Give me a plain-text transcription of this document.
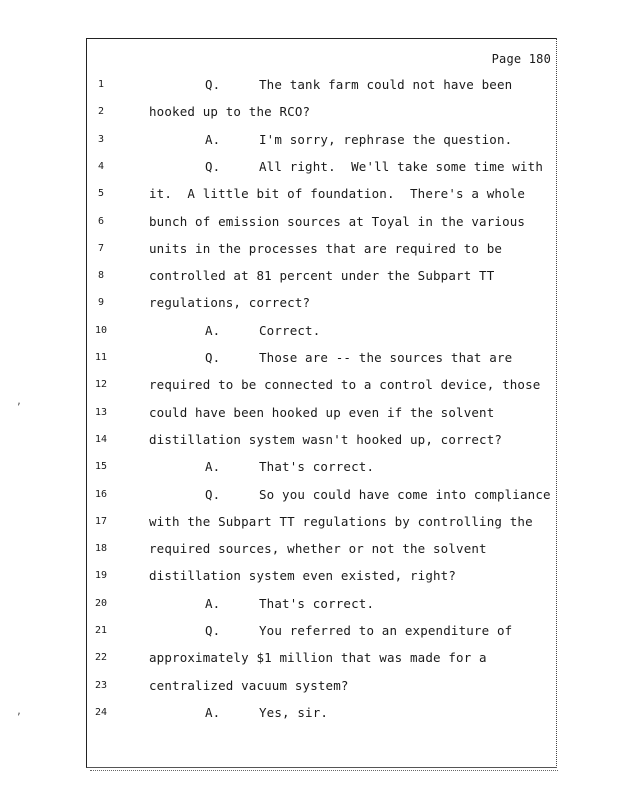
Page 180
1	Q.	The tank farm could not have been
2	hooked up to the RCO?
3	A.	I'm sorry, rephrase the question.
4	Q.	All right.  We'll take some time with
5	it.  A little bit of foundation.  There's a whole
6	bunch of emission sources at Toyal in the various
7	units in the processes that are required to be
8	controlled at 81 percent under the Subpart TT
9	regulations, correct?
10	A.	Correct.
11	Q.	Those are -- the sources that are
12	required to be connected to a control device, those
13	could have been hooked up even if the solvent
14	distillation system wasn't hooked up, correct?
15	A.	That's correct.
16	Q.	So you could have come into compliance
17	with the Subpart TT regulations by controlling the
18	required sources, whether or not the solvent
19	distillation system even existed, right?
20	A.	That's correct.
21	Q.	You referred to an expenditure of
22	approximately $1 million that was made for a
23	centralized vacuum system?
24	A.	Yes, sir.
‚
‚
